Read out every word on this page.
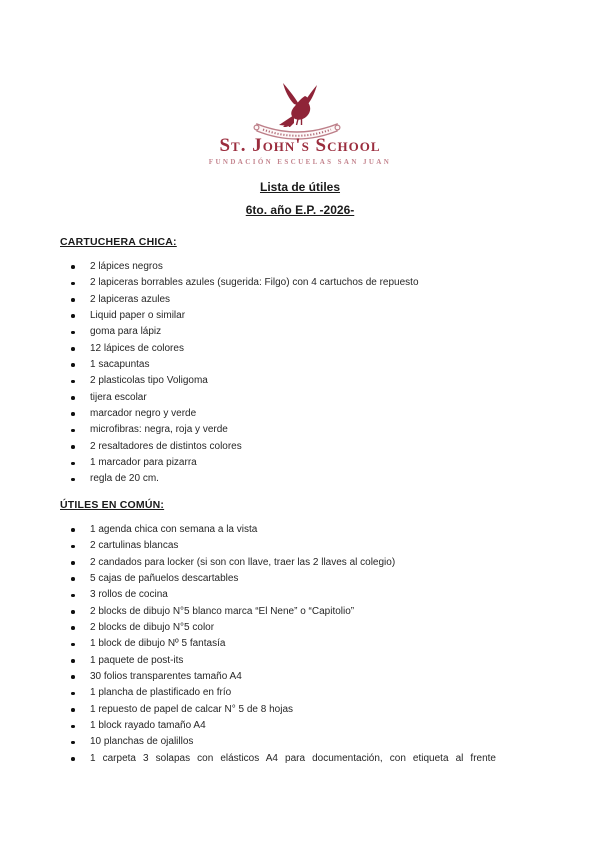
St. John's School
FUNDACIÓN ESCUELAS SAN JUAN
Lista de útiles
6to. año E.P. -2026-
CARTUCHERA CHICA:
2 lápices negros
2 lapiceras borrables azules (sugerida: Filgo) con 4 cartuchos de repuesto
2 lapiceras azules
Liquid paper o similar
goma para lápiz
12 lápices de colores
1 sacapuntas
2 plasticolas tipo Voligoma
tijera escolar
marcador negro y verde
microfibras: negra, roja y verde
2 resaltadores de distintos colores
1 marcador para pizarra
regla de 20 cm.
ÚTILES EN COMÚN:
1 agenda chica con semana a la vista
2 cartulinas blancas
2 candados para locker (si son con llave, traer las 2 llaves al colegio)
5 cajas de pañuelos descartables
3 rollos de cocina
2 blocks de dibujo N°5 blanco marca “El Nene” o “Capitolio”
2 blocks de dibujo N°5 color
1 block de dibujo Nº 5 fantasía
1 paquete de post-its
30 folios transparentes tamaño A4
1 plancha de plastificado en frío
1 repuesto de papel de calcar N° 5 de 8 hojas
1 block rayado tamaño A4
10 planchas de ojalillos
1 carpeta 3 solapas con elásticos A4 para documentación, con etiqueta al frente
